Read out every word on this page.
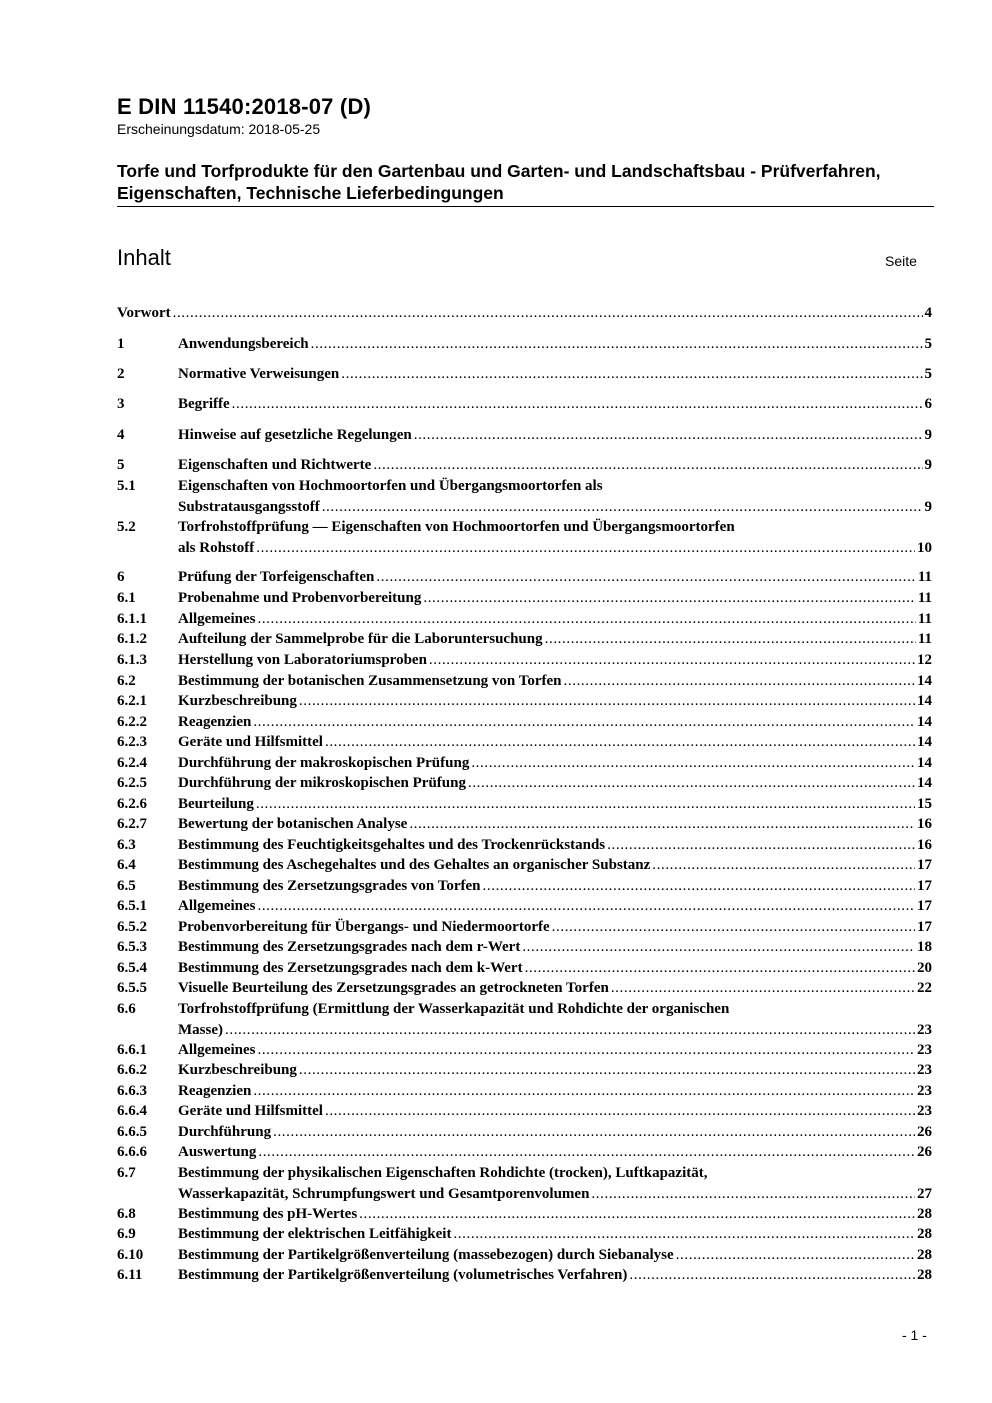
E DIN 11540:2018-07 (D)
Erscheinungsdatum: 2018-05-25
Torfe und Torfprodukte für den Gartenbau und Garten- und Landschaftsbau - Prüfverfahren, Eigenschaften, Technische Lieferbedingungen
Inhalt	Seite
Vorwort .....	4
1	Anwendungsbereich .....	5
2	Normative Verweisungen .....	5
3	Begriffe .....	6
4	Hinweise auf gesetzliche Regelungen .....	9
5	Eigenschaften und Richtwerte .....	9
5.1	Eigenschaften von Hochmoortorfen und Übergangsmoortorfen als
Substratausgangsstoff .....	9
5.2	Torfrohstoffprüfung — Eigenschaften von Hochmoortorfen und Übergangsmoortorfen
als Rohstoff .....	10
6	Prüfung der Torfeigenschaften .....	11
6.1	Probenahme und Probenvorbereitung .....	11
6.1.1 Allgemeines .....	11
6.1.2 Aufteilung der Sammelprobe für die Laboruntersuchung .....	11
6.1.3 Herstellung von Laboratoriumsproben .....	12
6.2	Bestimmung der botanischen Zusammensetzung von Torfen .....	14
6.2.1 Kurzbeschreibung .....	14
6.2.2 Reagenzien .....	14
6.2.3 Geräte und Hilfsmittel .....	14
6.2.4 Durchführung der makroskopischen Prüfung .....	14
6.2.5 Durchführung der mikroskopischen Prüfung .....	14
6.2.6 Beurteilung .....	15
6.2.7 Bewertung der botanischen Analyse .....	16
6.3	Bestimmung des Feuchtigkeitsgehaltes und des Trockenrückstands .....	16
6.4	Bestimmung des Aschegehaltes und des Gehaltes an organischer Substanz .....	17
6.5	Bestimmung des Zersetzungsgrades von Torfen .....	17
6.5.1 Allgemeines .....	17
6.5.2 Probenvorbereitung für Übergangs- und Niedermoortorfe .....	17
6.5.3 Bestimmung des Zersetzungsgrades nach dem r-Wert .....	18
6.5.4 Bestimmung des Zersetzungsgrades nach dem k-Wert .....	20
6.5.5 Visuelle Beurteilung des Zersetzungsgrades an getrockneten Torfen .....	22
6.6	Torfrohstoffprüfung (Ermittlung der Wasserkapazität und Rohdichte der organischen
Masse) .....	23
6.6.1 Allgemeines .....	23
6.6.2 Kurzbeschreibung .....	23
6.6.3 Reagenzien .....	23
6.6.4 Geräte und Hilfsmittel .....	23
6.6.5 Durchführung .....	26
6.6.6 Auswertung .....	26
6.7	Bestimmung der physikalischen Eigenschaften Rohdichte (trocken), Luftkapazität,
Wasserkapazität, Schrumpfungswert und Gesamtporenvolumen .....	27
6.8	Bestimmung des pH-Wertes .....	28
6.9	Bestimmung der elektrischen Leitfähigkeit .....	28
6.10 Bestimmung der Partikelgrößenverteilung (massebezogen) durch Siebanalyse .....	28
6.11 Bestimmung der Partikelgrößenverteilung (volumetrisches Verfahren) .....	28
- 1 -
